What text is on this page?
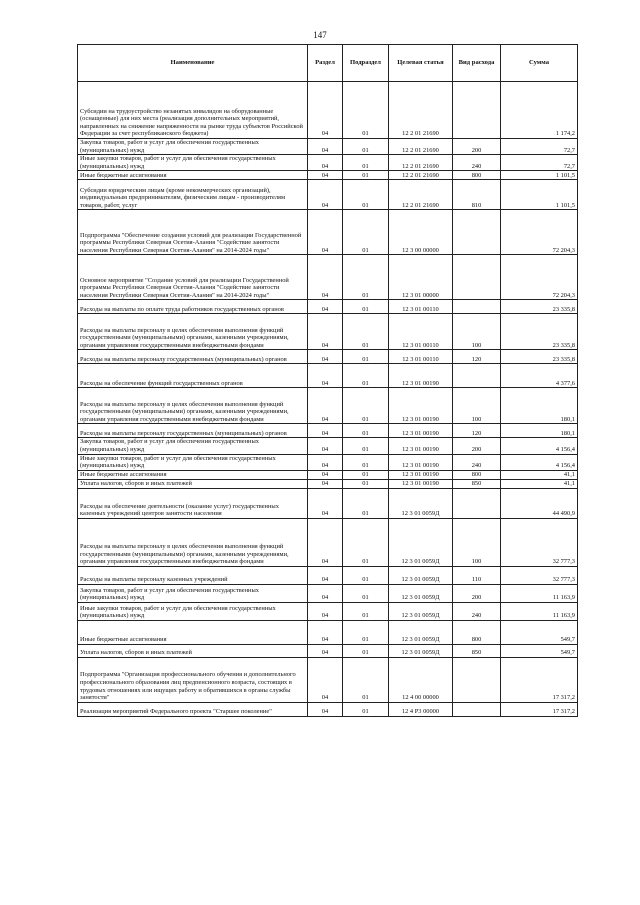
147
Наименование	Раздел	Подраздел	Целевая статья	Вид расхода	Сумма
Субсидии на трудоустройство незанятых инвалидов на оборудованные (оснащенные) для них места (реализация дополнительных мероприятий, направленных на снижение напряженности на рынке труда субъектов Российской Федерации за счет республиканского бюджета)	04	01	12 2 01 21690		1 174,2
Закупка товаров, работ и услуг для обеспечения государственных (муниципальных) нужд	04	01	12 2 01 21690	200	72,7
Иные закупки товаров, работ и услуг для обеспечения государственных (муниципальных) нужд	04	01	12 2 01 21690	240	72,7
Иные бюджетные ассигнования	04	01	12 2 01 21690	800	1 101,5
Субсидии юридическим лицам (кроме некоммерческих организаций), индивидуальным предпринимателям, физическим лицам - производителям товаров, работ, услуг	04	01	12 2 01 21690	810	1 101,5
Подпрограмма "Обеспечение создания условий для реализации Государственной программы Республики Северная Осетия-Алания "Содействие занятости населения Республики Северная Осетия-Алания" на 2014-2024 годы"	04	01	12 3 00 00000		72 204,3
Основное мероприятие "Создание условий для реализации Государственной программы Республики Северная Осетия-Алания "Содействие занятости населения Республики Северная Осетия-Алания" на 2014-2024 годы"	04	01	12 3 01 00000		72 204,3
Расходы на выплаты по оплате труда работников государственных органов	04	01	12 3 01 00110		23 335,8
Расходы на выплаты персоналу в целях обеспечения выполнения функций государственными (муниципальными) органами, казенными учреждениями, органами управления государственными внебюджетными фондами	04	01	12 3 01 00110	100	23 335,8
Расходы на выплаты персоналу государственных (муниципальных) органов	04	01	12 3 01 00110	120	23 335,8
Расходы на обеспечение функций государственных органов	04	01	12 3 01 00190		4 377,6
Расходы на выплаты персоналу в целях обеспечения выполнения функций государственными (муниципальными) органами, казенными учреждениями, органами управления государственными внебюджетными фондами	04	01	12 3 01 00190	100	180,1
Расходы на выплаты персоналу государственных (муниципальных) органов	04	01	12 3 01 00190	120	180,1
Закупка товаров, работ и услуг для обеспечения государственных (муниципальных) нужд	04	01	12 3 01 00190	200	4 156,4
Иные закупки товаров, работ и услуг для обеспечения государственных (муниципальных) нужд	04	01	12 3 01 00190	240	4 156,4
Иные бюджетные ассигнования	04	01	12 3 01 00190	800	41,1
Уплата налогов, сборов и иных платежей	04	01	12 3 01 00190	850	41,1
Расходы на обеспечение деятельности (оказание услуг) государственных казенных учреждений центров занятости населения	04	01	12 3 01 0059Д		44 490,9
Расходы на выплаты персоналу в целях обеспечения выполнения функций государственными (муниципальными) органами, казенными учреждениями, органами управления государственными внебюджетными фондами	04	01	12 3 01 0059Д	100	32 777,3
Расходы на выплаты персоналу казенных учреждений	04	01	12 3 01 0059Д	110	32 777,3
Закупка товаров, работ и услуг для обеспечения государственных (муниципальных) нужд	04	01	12 3 01 0059Д	200	11 163,9
Иные закупки товаров, работ и услуг для обеспечения государственных (муниципальных) нужд	04	01	12 3 01 0059Д	240	11 163,9
Иные бюджетные ассигнования	04	01	12 3 01 0059Д	800	549,7
Уплата налогов, сборов и иных платежей	04	01	12 3 01 0059Д	850	549,7
Подпрограмма "Организация профессионального обучения и дополнительного профессионального образования лиц предпенсионного возраста, состоящих в трудовых отношениях или ищущих работу и обратившихся в органы службы занятости"	04	01	12 4 00 00000		17 317,2
Реализация мероприятий Федерального проекта "Старшее поколение"	04	01	12 4 P3 00000		17 317,2
